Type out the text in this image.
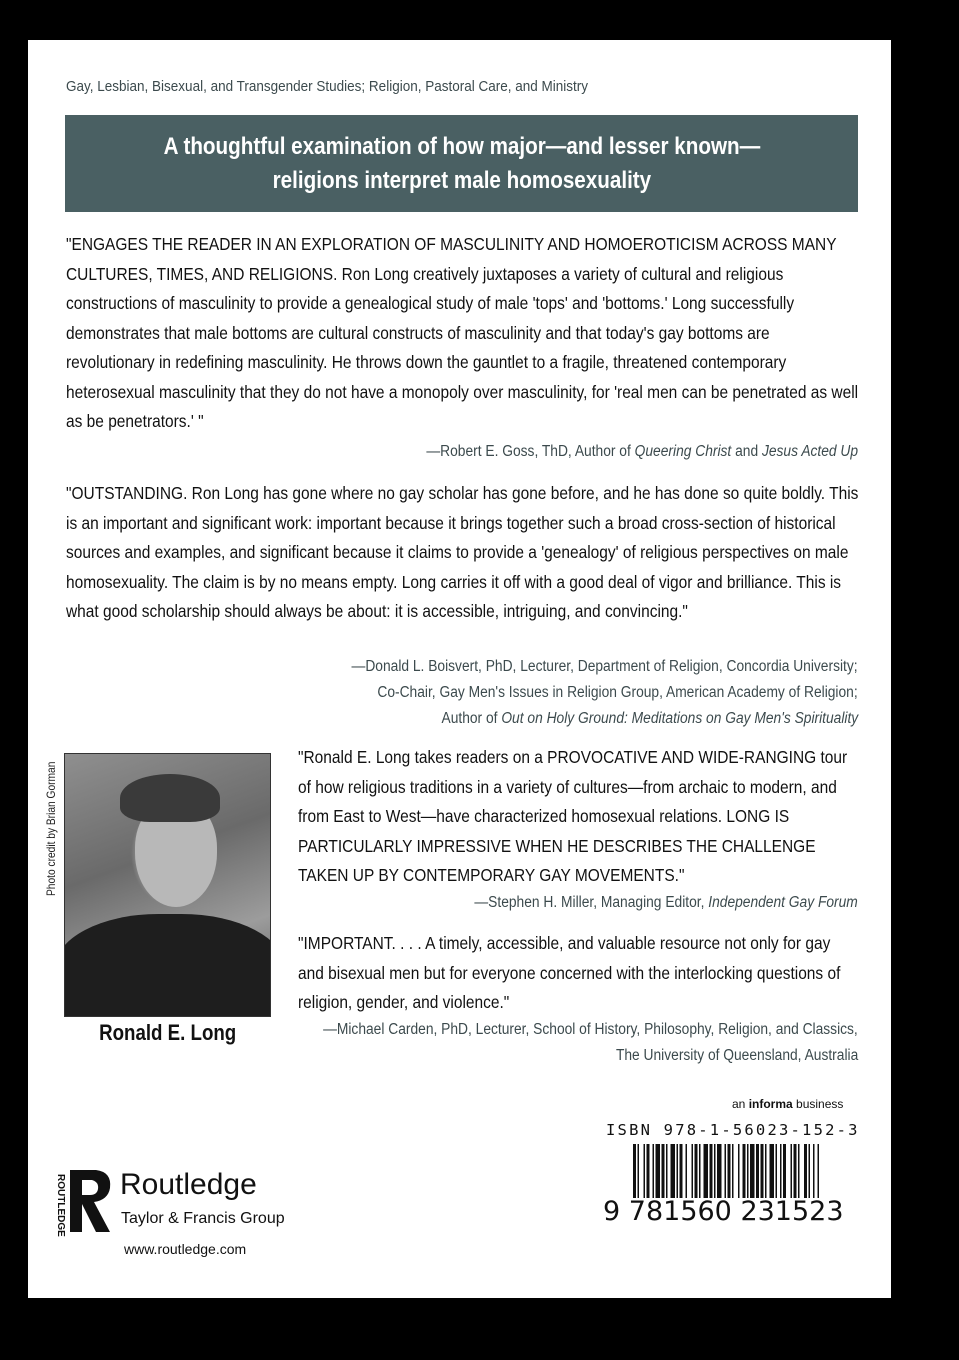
Gay, Lesbian, Bisexual, and Transgender Studies; Religion, Pastoral Care, and Ministry
A thoughtful examination of how major—and lesser known—
religions interpret male homosexuality
"ENGAGES THE READER IN AN EXPLORATION OF MASCULINITY AND HOMOEROTICISM ACROSS MANY CULTURES, TIMES, AND RELIGIONS. Ron Long creatively juxtaposes a variety of cultural and religious constructions of masculinity to provide a genealogical study of male 'tops' and 'bottoms.' Long successfully demonstrates that male bottoms are cultural constructs of masculinity and that today's gay bottoms are revolutionary in redefining masculinity. He throws down the gauntlet to a fragile, threatened contemporary heterosexual masculinity that they do not have a monopoly over masculinity, for 'real men can be penetrated as well as be penetrators.' "
—Robert E. Goss, ThD, Author of Queering Christ and Jesus Acted Up
"OUTSTANDING. Ron Long has gone where no gay scholar has gone before, and he has done so quite boldly. This is an important and significant work: important because it brings together such a broad cross-section of historical sources and examples, and significant because it claims to provide a 'genealogy' of religious perspectives on male homosexuality. The claim is by no means empty. Long carries it off with a good deal of vigor and brilliance. This is what good scholarship should always be about: it is accessible, intriguing, and convincing."
—Donald L. Boisvert, PhD, Lecturer, Department of Religion, Concordia University;
Co-Chair, Gay Men's Issues in Religion Group, American Academy of Religion;
Author of Out on Holy Ground: Meditations on Gay Men's Spirituality
Photo credit by Brian Gorman
Ronald E. Long
"Ronald E. Long takes readers on a PROVOCATIVE AND WIDE-RANGING tour of how religious traditions in a variety of cultures—from archaic to modern, and from East to West—have characterized homosexual relations. LONG IS PARTICULARLY IMPRESSIVE WHEN HE DESCRIBES THE CHALLENGE TAKEN UP BY CONTEMPORARY GAY MOVEMENTS."
—Stephen H. Miller, Managing Editor, Independent Gay Forum
"IMPORTANT. . . . A timely, accessible, and valuable resource not only for gay and bisexual men but for everyone concerned with the interlocking questions of religion, gender, and violence."
—Michael Carden, PhD, Lecturer, School of History, Philosophy, Religion, and Classics,
The University of Queensland, Australia
an informa business
ISBN 978-1-56023-152-3
9 781560 231523
ROUTLEDGE Routledge
Taylor & Francis Group
www.routledge.com
